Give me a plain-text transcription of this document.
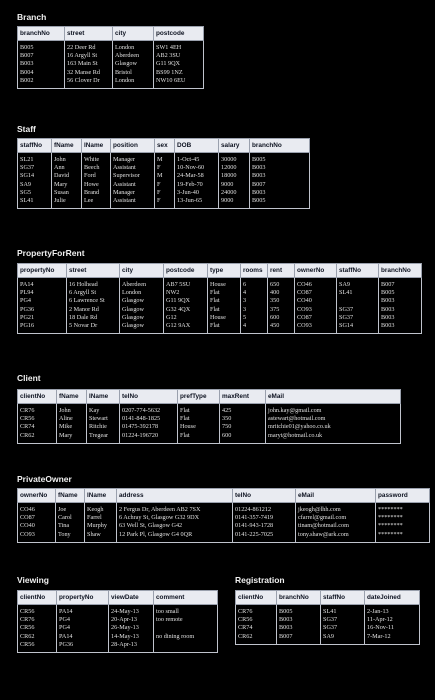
Branch
branchNo	street	city	postcode
B005	22 Deer Rd	London	SW1 4EH
B007	16 Argyll St	Aberdeen	AB2 3SU
B003	163 Main St	Glasgow	G11 9QX
B004	32 Manse Rd	Bristol	BS99 1NZ
B002	56 Clover Dr	London	NW10 6EU
Staff
staffNo	fName	lName	position	sex	DOB	salary	branchNo
SL21	John	White	Manager	M	1-Oct-45	30000	B005
SG37	Ann	Beech	Assistant	F	10-Nov-60	12000	B003
SG14	David	Ford	Supervisor	M	24-Mar-58	18000	B003
SA9	Mary	Howe	Assistant	F	19-Feb-70	9000	B007
SG5	Susan	Brand	Manager	F	3-Jun-40	24000	B003
SL41	Julie	Lee	Assistant	F	13-Jun-65	9000	B005
PropertyForRent
propertyNo	street	city	postcode	type	rooms	rent	ownerNo	staffNo	branchNo
PA14	16 Holhead	Aberdeen	AB7 5SU	House	6	650	CO46	SA9	B007
PL94	6 Argyll St	London	NW2	Flat	4	400	CO87	SL41	B005
PG4	6 Lawrence St	Glasgow	G11 9QX	Flat	3	350	CO40		B003
PG36	2 Manor Rd	Glasgow	G32 4QX	Flat	3	375	CO93	SG37	B003
PG21	18 Dale Rd	Glasgow	G12	House	5	600	CO87	SG37	B003
PG16	5 Novar Dr	Glasgow	G12 9AX	Flat	4	450	CO93	SG14	B003
Client
clientNo	fName	lName	telNo	prefType	maxRent	eMail
CR76	John	Kay	0207-774-5632	Flat	425	john.kay@gmail.com
CR56	Aline	Stewart	0141-848-1825	Flat	350	astewart@hotmail.com
CR74	Mike	Ritchie	01475-392178	House	750	mritchie01@yahoo.co.uk
CR62	Mary	Tregear	01224-196720	Flat	600	maryt@hotmail.co.uk
PrivateOwner
ownerNo	fName	lName	address	telNo	eMail	password
CO46	Joe	Keogh	2 Fergus Dr, Aberdeen AB2 7SX	01224-861212	jkeogh@lhh.com	********
CO87	Carol	Farrel	6 Achray St, Glasgow G32 9DX	0141-357-7419	cfarrel@gmail.com	********
CO40	Tina	Murphy	63 Well St, Glasgow G42	0141-943-1728	tinam@hotmail.com	********
CO93	Tony	Shaw	12 Park Pl, Glasgow G4 0QR	0141-225-7025	tony.shaw@ark.com	********
Viewing
clientNo	propertyNo	viewDate	comment
CR56	PA14	24-May-13	too small
CR76	PG4	20-Apr-13	too remote
CR56	PG4	26-May-13	
CR62	PA14	14-May-13	no dining room
CR56	PG36	28-Apr-13	
Registration
clientNo	branchNo	staffNo	dateJoined
CR76	B005	SL41	2-Jan-13
CR56	B003	SG37	11-Apr-12
CR74	B003	SG37	16-Nov-11
CR62	B007	SA9	7-Mar-12
